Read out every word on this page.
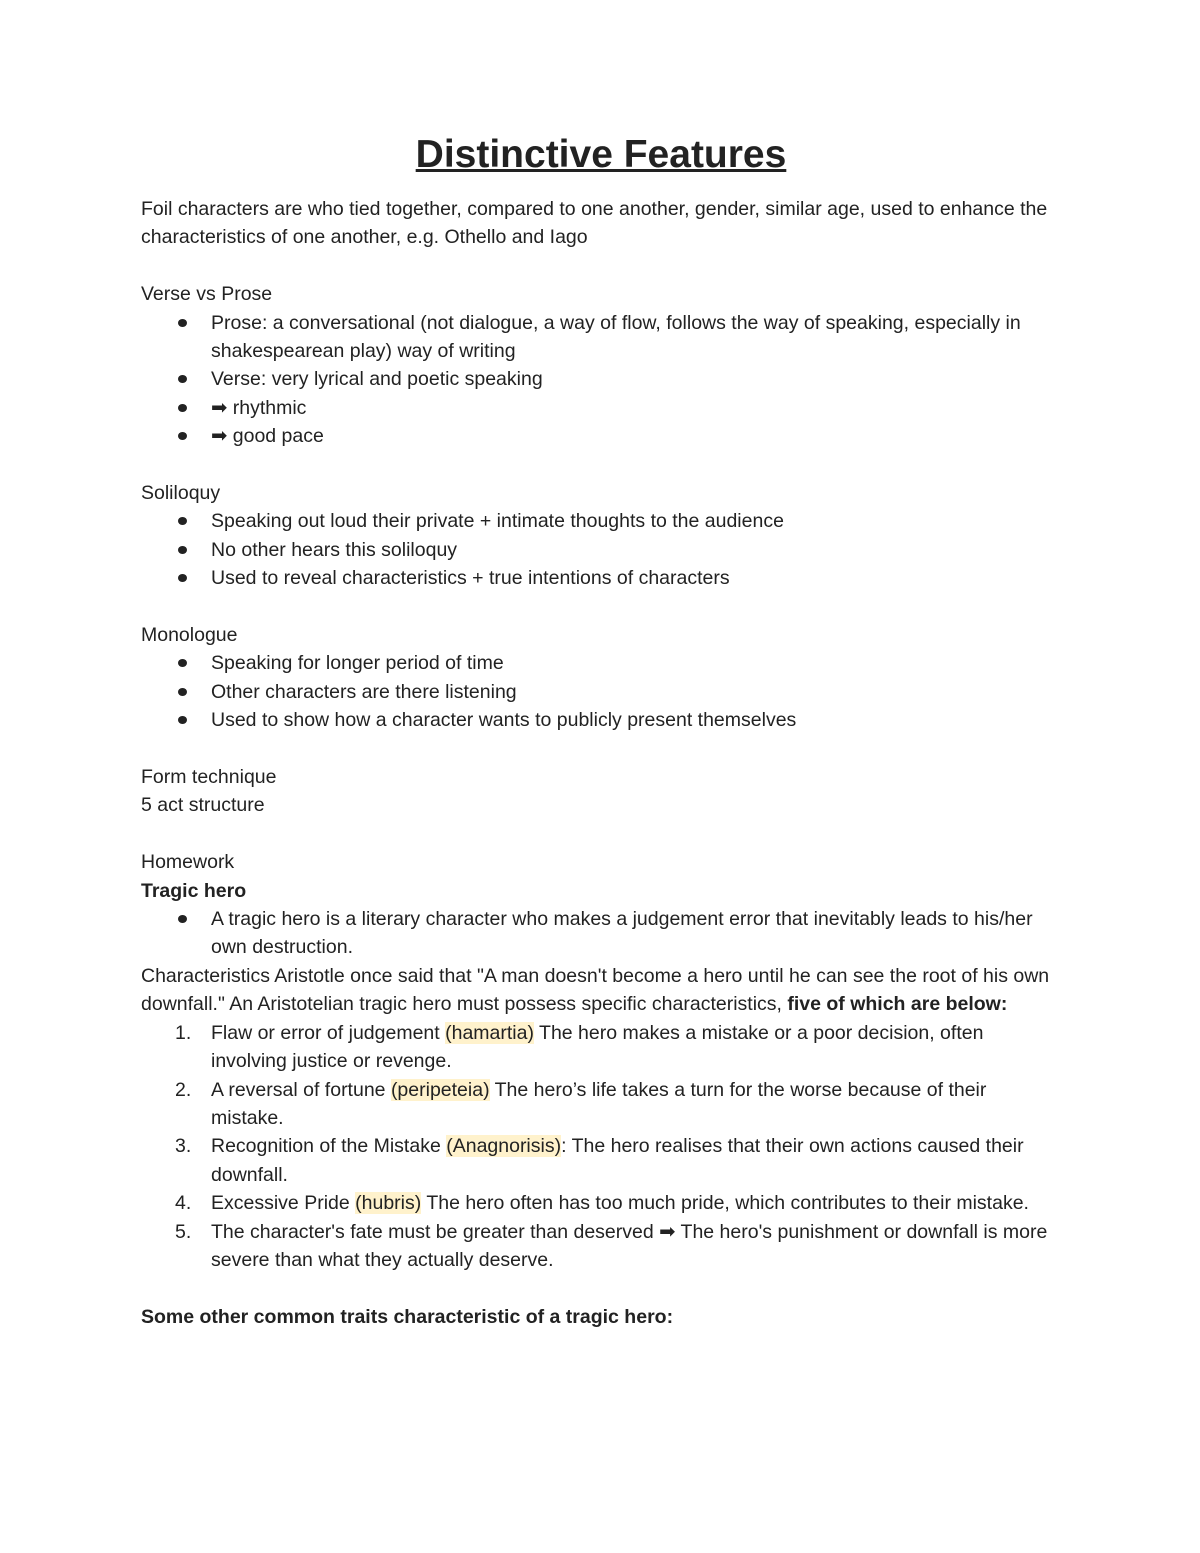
Distinctive Features

Foil characters are who tied together, compared to one another, gender, similar age, used to enhance the characteristics of one another, e.g. Othello and Iago

Verse vs Prose

Prose: a conversational (not dialogue, a way of flow, follows the way of speaking, especially in shakespearean play) way of writing
Verse: very lyrical and poetic speaking
➡ rhythmic
➡ good pace

Soliloquy

Speaking out loud their private + intimate thoughts to the audience
No other hears this soliloquy
Used to reveal characteristics + true intentions of characters

Monologue

Speaking for longer period of time
Other characters are there listening
Used to show how a character wants to publicly present themselves

Form technique

5 act structure

Homework

Tragic hero

A tragic hero is a literary character who makes a judgement error that inevitably leads to his/her own destruction.

Characteristics Aristotle once said that "A man doesn't become a hero until he can see the root of his own downfall." An Aristotelian tragic hero must possess specific characteristics, five of which are below:

1. Flaw or error of judgement (hamartia) The hero makes a mistake or a poor decision, often involving justice or revenge.
2. A reversal of fortune (peripeteia) The hero’s life takes a turn for the worse because of their mistake.
3. Recognition of the Mistake (Anagnorisis): The hero realises that their own actions caused their downfall.
4. Excessive Pride (hubris) The hero often has too much pride, which contributes to their mistake.
5. The character's fate must be greater than deserved ➡ The hero's punishment or downfall is more severe than what they actually deserve.

Some other common traits characteristic of a tragic hero:
